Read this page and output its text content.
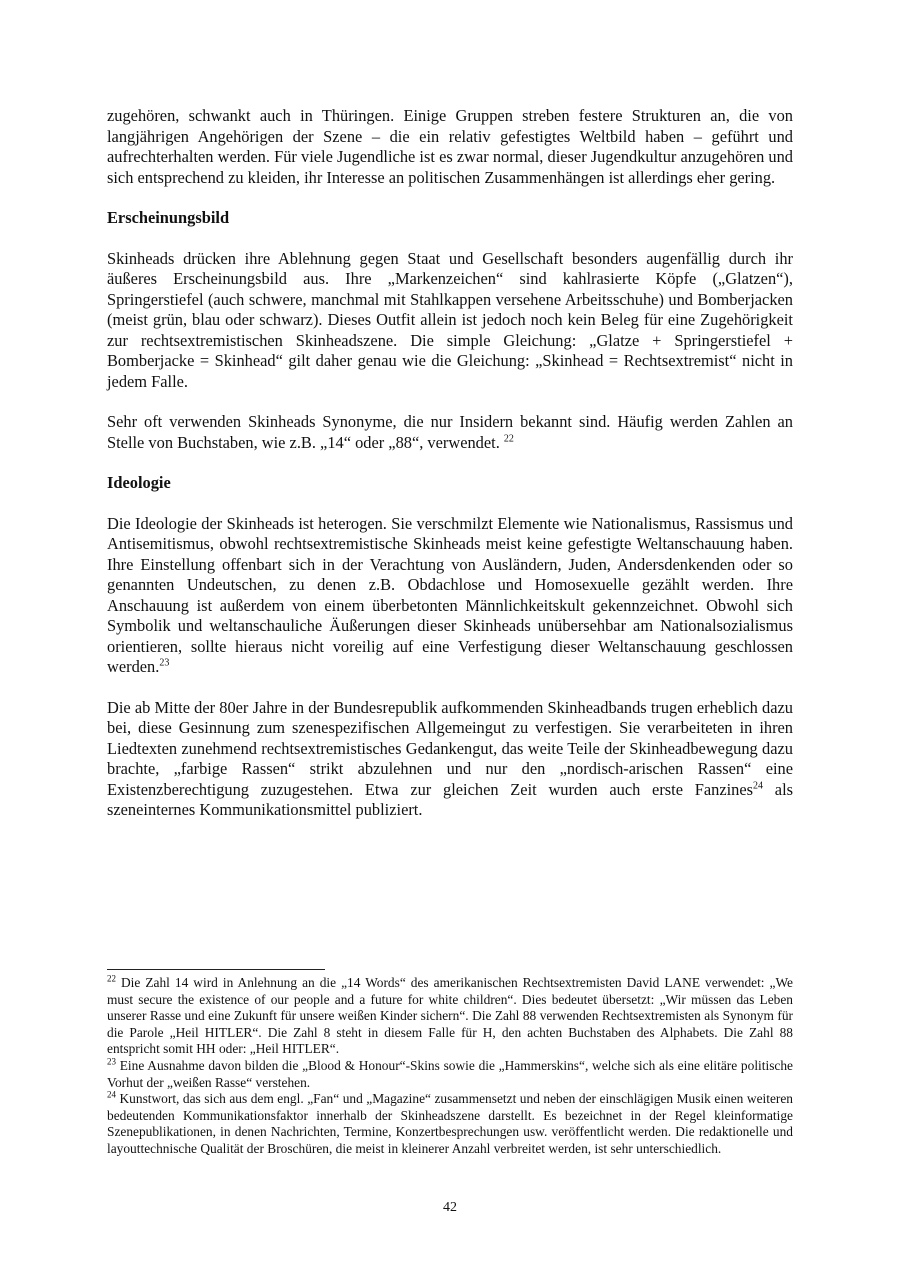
zugehören, schwankt auch in Thüringen. Einige Gruppen streben festere Strukturen an, die von langjährigen Angehörigen der Szene – die ein relativ gefestigtes Weltbild haben – geführt und aufrechterhalten werden. Für viele Jugendliche ist es zwar normal, dieser Jugendkultur anzugehören und sich entsprechend zu kleiden, ihr Interesse an politischen Zusammenhängen ist allerdings eher gering.

Erscheinungsbild

Skinheads drücken ihre Ablehnung gegen Staat und Gesellschaft besonders augenfällig durch ihr äußeres Erscheinungsbild aus. Ihre „Markenzeichen“ sind kahlrasierte Köpfe („Glatzen“), Springerstiefel (auch schwere, manchmal mit Stahlkappen versehene Arbeitsschuhe) und Bomberjacken (meist grün, blau oder schwarz). Dieses Outfit allein ist jedoch noch kein Beleg für eine Zugehörigkeit zur rechtsextremistischen Skinheadszene. Die simple Gleichung: „Glatze + Springerstiefel + Bomberjacke = Skinhead“ gilt daher genau wie die Gleichung: „Skinhead = Rechtsextremist“ nicht in jedem Falle.

Sehr oft verwenden Skinheads Synonyme, die nur Insidern bekannt sind. Häufig werden Zahlen an Stelle von Buchstaben, wie z.B. „14“ oder „88“, verwendet. $^{22}$

Ideologie

Die Ideologie der Skinheads ist heterogen. Sie verschmilzt Elemente wie Nationalismus, Rassismus und Antisemitismus, obwohl rechtsextremistische Skinheads meist keine gefestigte Weltanschauung haben. Ihre Einstellung offenbart sich in der Verachtung von Ausländern, Juden, Andersdenkenden oder so genannten Undeutschen, zu denen z.B. Obdachlose und Homosexuelle gezählt werden. Ihre Anschauung ist außerdem von einem überbetonten Männlichkeitskult gekennzeichnet. Obwohl sich Symbolik und weltanschauliche Äußerungen dieser Skinheads unübersehbar am Nationalsozialismus orientieren, sollte hieraus nicht voreilig auf eine Verfestigung dieser Weltanschauung geschlossen werden.$^{23}$

Die ab Mitte der 80er Jahre in der Bundesrepublik aufkommenden Skinheadbands trugen erheblich dazu bei, diese Gesinnung zum szenespezifischen Allgemeingut zu verfestigen. Sie verarbeiteten in ihren Liedtexten zunehmend rechtsextremistisches Gedankengut, das weite Teile der Skinheadbewegung dazu brachte, „farbige Rassen“ strikt abzulehnen und nur den „nordisch-arischen Rassen“ eine Existenzberechtigung zuzugestehen. Etwa zur gleichen Zeit wurden auch erste Fanzines$^{24}$ als szeneinternes Kommunikationsmittel publiziert.

$^{22}$ Die Zahl 14 wird in Anlehnung an die „14 Words“ des amerikanischen Rechtsextremisten David LANE verwendet: „We must secure the existence of our people and a future for white children“. Dies bedeutet übersetzt: „Wir müssen das Leben unserer Rasse und eine Zukunft für unsere weißen Kinder sichern“. Die Zahl 88 verwenden Rechtsextremisten als Synonym für die Parole „Heil HITLER“. Die Zahl 8 steht in diesem Falle für H, den achten Buchstaben des Alphabets. Die Zahl 88 entspricht somit HH oder: „Heil HITLER“.

$^{23}$ Eine Ausnahme davon bilden die „Blood & Honour“-Skins sowie die „Hammerskins“, welche sich als eine elitäre politische Vorhut der „weißen Rasse“ verstehen.

$^{24}$ Kunstwort, das sich aus dem engl. „Fan“ und „Magazine“ zusammensetzt und neben der einschlägigen Musik einen weiteren bedeutenden Kommunikationsfaktor innerhalb der Skinheadszene darstellt. Es bezeichnet in der Regel kleinformatige Szenepublikationen, in denen Nachrichten, Termine, Konzertbesprechungen usw. veröffentlicht werden. Die redaktionelle und layouttechnische Qualität der Broschüren, die meist in kleinerer Anzahl verbreitet werden, ist sehr unterschiedlich.

42
